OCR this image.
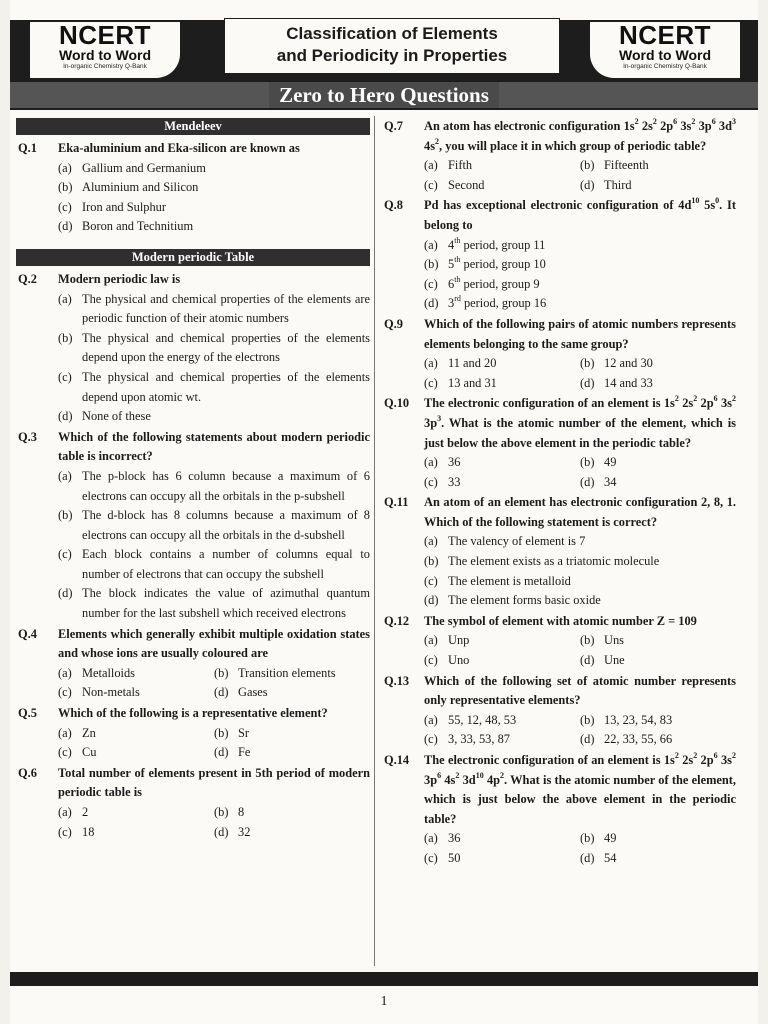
NCERT
Word to Word
In-organic Chemistry Q-Bank
Classification of Elements
and Periodicity in Properties
NCERT
Word to Word
In-organic Chemistry Q-Bank
Zero to Hero Questions
Mendeleev
Q.1	Eka-aluminium and Eka-silicon are known as
(a) Gallium and Germanium
(b) Aluminium and Silicon
(c) Iron and Sulphur
(d) Boron and Technitium
Modern periodic Table
Q.2	Modern periodic law is
(a) The physical and chemical properties of the elements are periodic function of their atomic numbers
(b) The physical and chemical properties of the elements depend upon the energy of the electrons
(c) The physical and chemical properties of the elements depend upon atomic wt.
(d) None of these
Q.3	Which of the following statements about modern periodic table is incorrect?
(a) The p-block has 6 column because a maximum of 6 electrons can occupy all the orbitals in the p-subshell
(b) The d-block has 8 columns because a maximum of 8 electrons can occupy all the orbitals in the d-subshell
(c) Each block contains a number of columns equal to number of electrons that can occupy the subshell
(d) The block indicates the value of azimuthal quantum number for the last subshell which received electrons
Q.4	Elements which generally exhibit multiple oxidation states and whose ions are usually coloured are
(a) Metalloids	(b) Transition elements
(c) Non-metals	(d) Gases
Q.5	Which of the following is a representative element?
(a) Zn	(b) Sr
(c) Cu	(d) Fe
Q.6	Total number of elements present in 5th period of modern periodic table is
(a) 2	(b) 8
(c) 18	(d) 32
Q.7	An atom has electronic configuration $1s^2$ $2s^2$ $2p^6$ $3s^2$ $3p^6$ $3d^3$ $4s^2$, you will place it in which group of periodic table?
(a) Fifth	(b) Fifteenth
(c) Second	(d) Third
Q.8	Pd has exceptional electronic configuration of $4d^{10}$ $5s^0$. It belong to
(a) 4th period, group 11
(b) 5th period, group 10
(c) 6th period, group 9
(d) 3rd period, group 16
Q.9	Which of the following pairs of atomic numbers represents elements belonging to the same group?
(a) 11 and 20	(b) 12 and 30
(c) 13 and 31	(d) 14 and 33
Q.10	The electronic configuration of an element is $1s^2$ $2s^2$ $2p^6$ $3s^2$ $3p^3$. What is the atomic number of the element, which is just below the above element in the periodic table?
(a) 36	(b) 49
(c) 33	(d) 34
Q.11	An atom of an element has electronic configuration 2, 8, 1. Which of the following statement is correct?
(a) The valency of element is 7
(b) The element exists as a triatomic molecule
(c) The element is metalloid
(d) The element forms basic oxide
Q.12	The symbol of element with atomic number Z = 109
(a) Unp	(b) Uns
(c) Uno	(d) Une
Q.13	Which of the following set of atomic number represents only representative elements?
(a) 55, 12, 48, 53	(b) 13, 23, 54, 83
(c) 3, 33, 53, 87	(d) 22, 33, 55, 66
Q.14	The electronic configuration of an element is $1s^2$ $2s^2$ $2p^6$ $3s^2$ $3p^6$ $4s^2$ $3d^{10}$ $4p^2$. What is the atomic number of the element, which is just below the above element in the periodic table?
(a) 36	(b) 49
(c) 50	(d) 54
1
